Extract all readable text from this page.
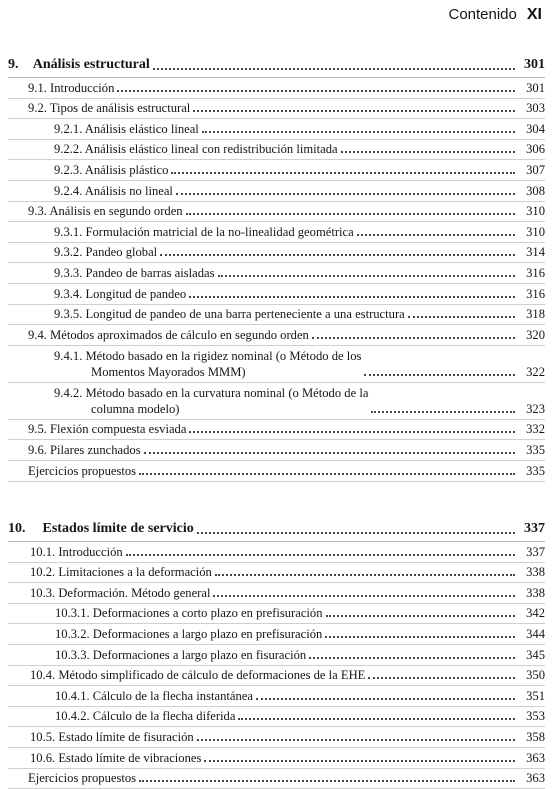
Contenido XI
9. Análisis estructural	301
9.1. Introducción	301
9.2. Tipos de análisis estructural	303
9.2.1. Análisis elástico lineal	304
9.2.2. Análisis elástico lineal con redistribución limitada	306
9.2.3. Análisis plástico	307
9.2.4. Análisis no lineal	308
9.3. Análisis en segundo orden	310
9.3.1. Formulación matricial de la no-linealidad geométrica	310
9.3.2. Pandeo global	314
9.3.3. Pandeo de barras aisladas	316
9.3.4. Longitud de pandeo	316
9.3.5. Longitud de pandeo de una barra perteneciente a una estructura	318
9.4. Métodos aproximados de cálculo en segundo orden	320
9.4.1. Método basado en la rigidez nominal (o Método de los
Momentos Mayorados MMM)	322
9.4.2. Método basado en la curvatura nominal (o Método de la
columna modelo)	323
9.5. Flexión compuesta esviada	332
9.6. Pilares zunchados	335
Ejercicios propuestos	335
10. Estados límite de servicio	337
10.1. Introducción	337
10.2. Limitaciones a la deformación	338
10.3. Deformación. Método general	338
10.3.1. Deformaciones a corto plazo en prefisuración	342
10.3.2. Deformaciones a largo plazo en prefisuración	344
10.3.3. Deformaciones a largo plazo en fisuración	345
10.4. Método simplificado de cálculo de deformaciones de la EHE	350
10.4.1. Cálculo de la flecha instantánea	351
10.4.2. Cálculo de la flecha diferida	353
10.5. Estado límite de fisuración	358
10.6. Estado límite de vibraciones	363
Ejercicios propuestos	363
